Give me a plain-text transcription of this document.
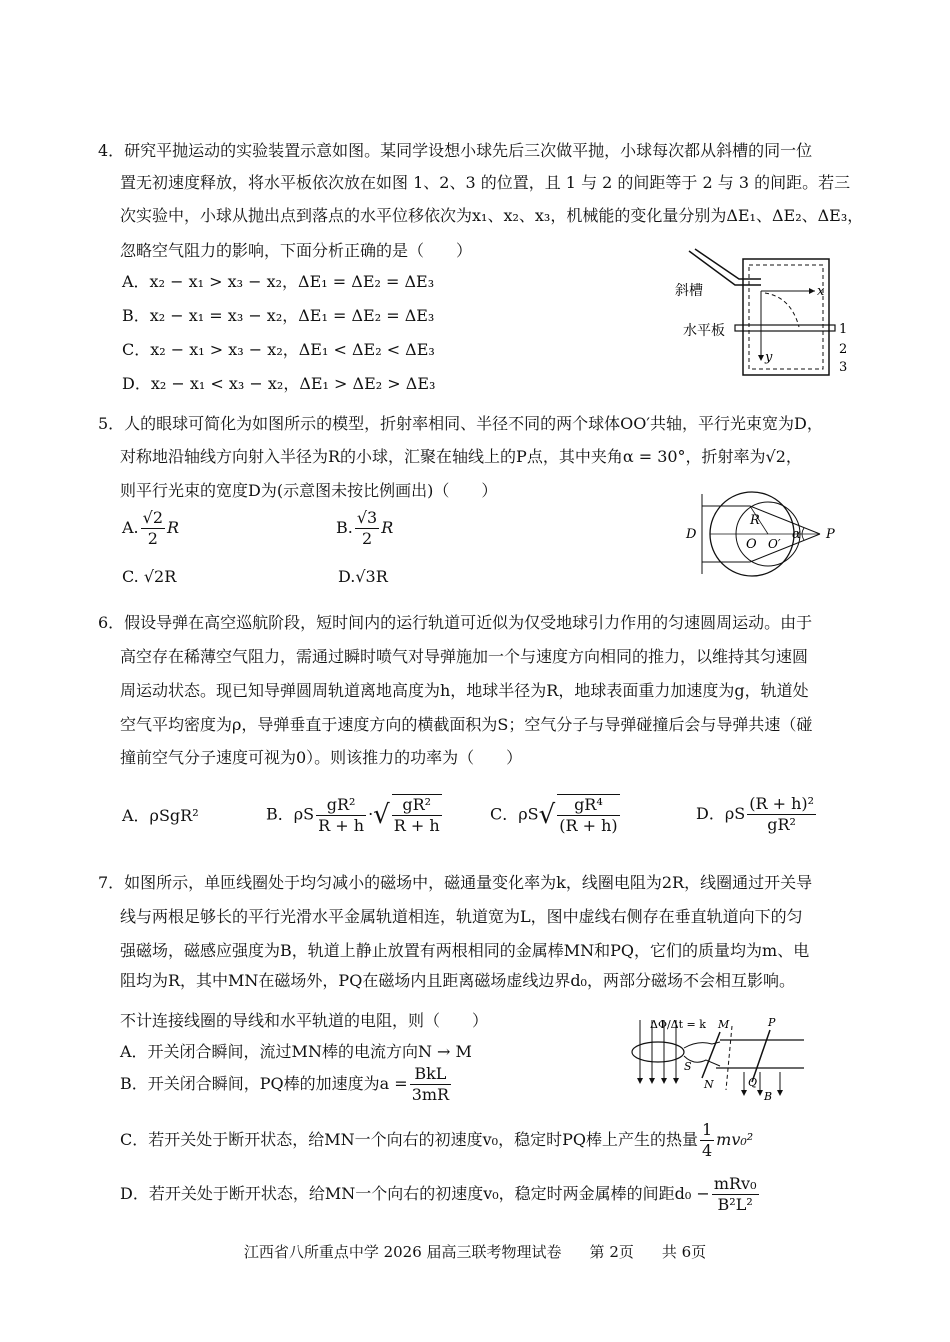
4．研究平抛运动的实验装置示意如图。某同学设想小球先后三次做平抛，小球每次都从斜槽的同一位
置无初速度释放，将水平板依次放在如图 1、2、3 的位置，且 1 与 2 的间距等于 2 与 3 的间距。若三
次实验中，小球从抛出点到落点的水平位移依次为x₁、x₂、x₃，机械能的变化量分别为ΔE₁、ΔE₂、ΔE₃，
忽略空气阻力的影响，下面分析正确的是（　　）
A．x₂ − x₁ > x₃ − x₂，ΔE₁ = ΔE₂ = ΔE₃
B．x₂ − x₁ = x₃ − x₂，ΔE₁ = ΔE₂ = ΔE₃
C．x₂ − x₁ > x₃ − x₂，ΔE₁ < ΔE₂ < ΔE₃
D．x₂ − x₁ < x₃ − x₂，ΔE₁ > ΔE₂ > ΔE₃
斜槽
水平板
x
y
1
2
3
5．人的眼球可简化为如图所示的模型，折射率相同、半径不同的两个球体OO′共轴，平行光束宽为D，
对称地沿轴线方向射入半径为R的小球，汇聚在轴线上的P点，其中夹角α = 30°，折射率为√2，
则平行光束的宽度D为(示意图未按比例画出)（　　）
A. $\frac{√2}{2}$ R	B. $\frac{√3}{2}$ R
C. √2R	D.√3R
D
R
O O′
α P
6．假设导弹在高空巡航阶段，短时间内的运行轨道可近似为仅受地球引力作用的匀速圆周运动。由于
高空存在稀薄空气阻力，需通过瞬时喷气对导弹施加一个与速度方向相同的推力，以维持其匀速圆
周运动状态。现已知导弹圆周轨道离地高度为h，地球半径为R，地球表面重力加速度为g，轨道处
空气平均密度为ρ，导弹垂直于速度方向的横截面积为S；空气分子与导弹碰撞后会与导弹共速（碰
撞前空气分子速度可视为0）。则该推力的功率为（　　）
A．ρSgR²	B．ρS $\frac{\text{gR²}}{R + h}$ ·√ $\frac{\text{gR²}}{R + h}$	C．$\rho S√ \frac{\text{gR⁴}}{(R + h)}$	D．ρS $\frac{\text{(R + h)²}}{\text{gR²}}$
7．如图所示，单匝线圈处于均匀减小的磁场中，磁通量变化率为k，线圈电阻为2R，线圈通过开关导
线与两根足够长的平行光滑水平金属轨道相连，轨道宽为L，图中虚线右侧存在垂直轨道向下的匀
强磁场，磁感应强度为B，轨道上静止放置有两根相同的金属棒MN和PQ，它们的质量均为m、电
阻均为R，其中MN在磁场外，PQ在磁场内且距离磁场虚线边界d₀，两部分磁场不会相互影响。
不计连接线圈的导线和水平轨道的电阻，则（　　）
A．开关闭合瞬间，流过MN棒的电流方向N → M
B．开关闭合瞬间，PQ棒的加速度为$a = \frac{\text{BkL}}{3mR}$
C．若开关处于断开状态，给MN一个向右的初速度v₀，稳定时PQ棒上产生的热量 $\frac{1}{4} mv_0^2$
D．若开关处于断开状态，给MN一个向右的初速度v₀，稳定时两金属棒的间距$d_0 - \frac{\text{mRv₀}}{\text{B²L²}}$
ΔΦ/Δt = k M	P
S
N	Q
B
江西省八所重点中学 2026 届高三联考物理试卷 第 2页 共 6页
